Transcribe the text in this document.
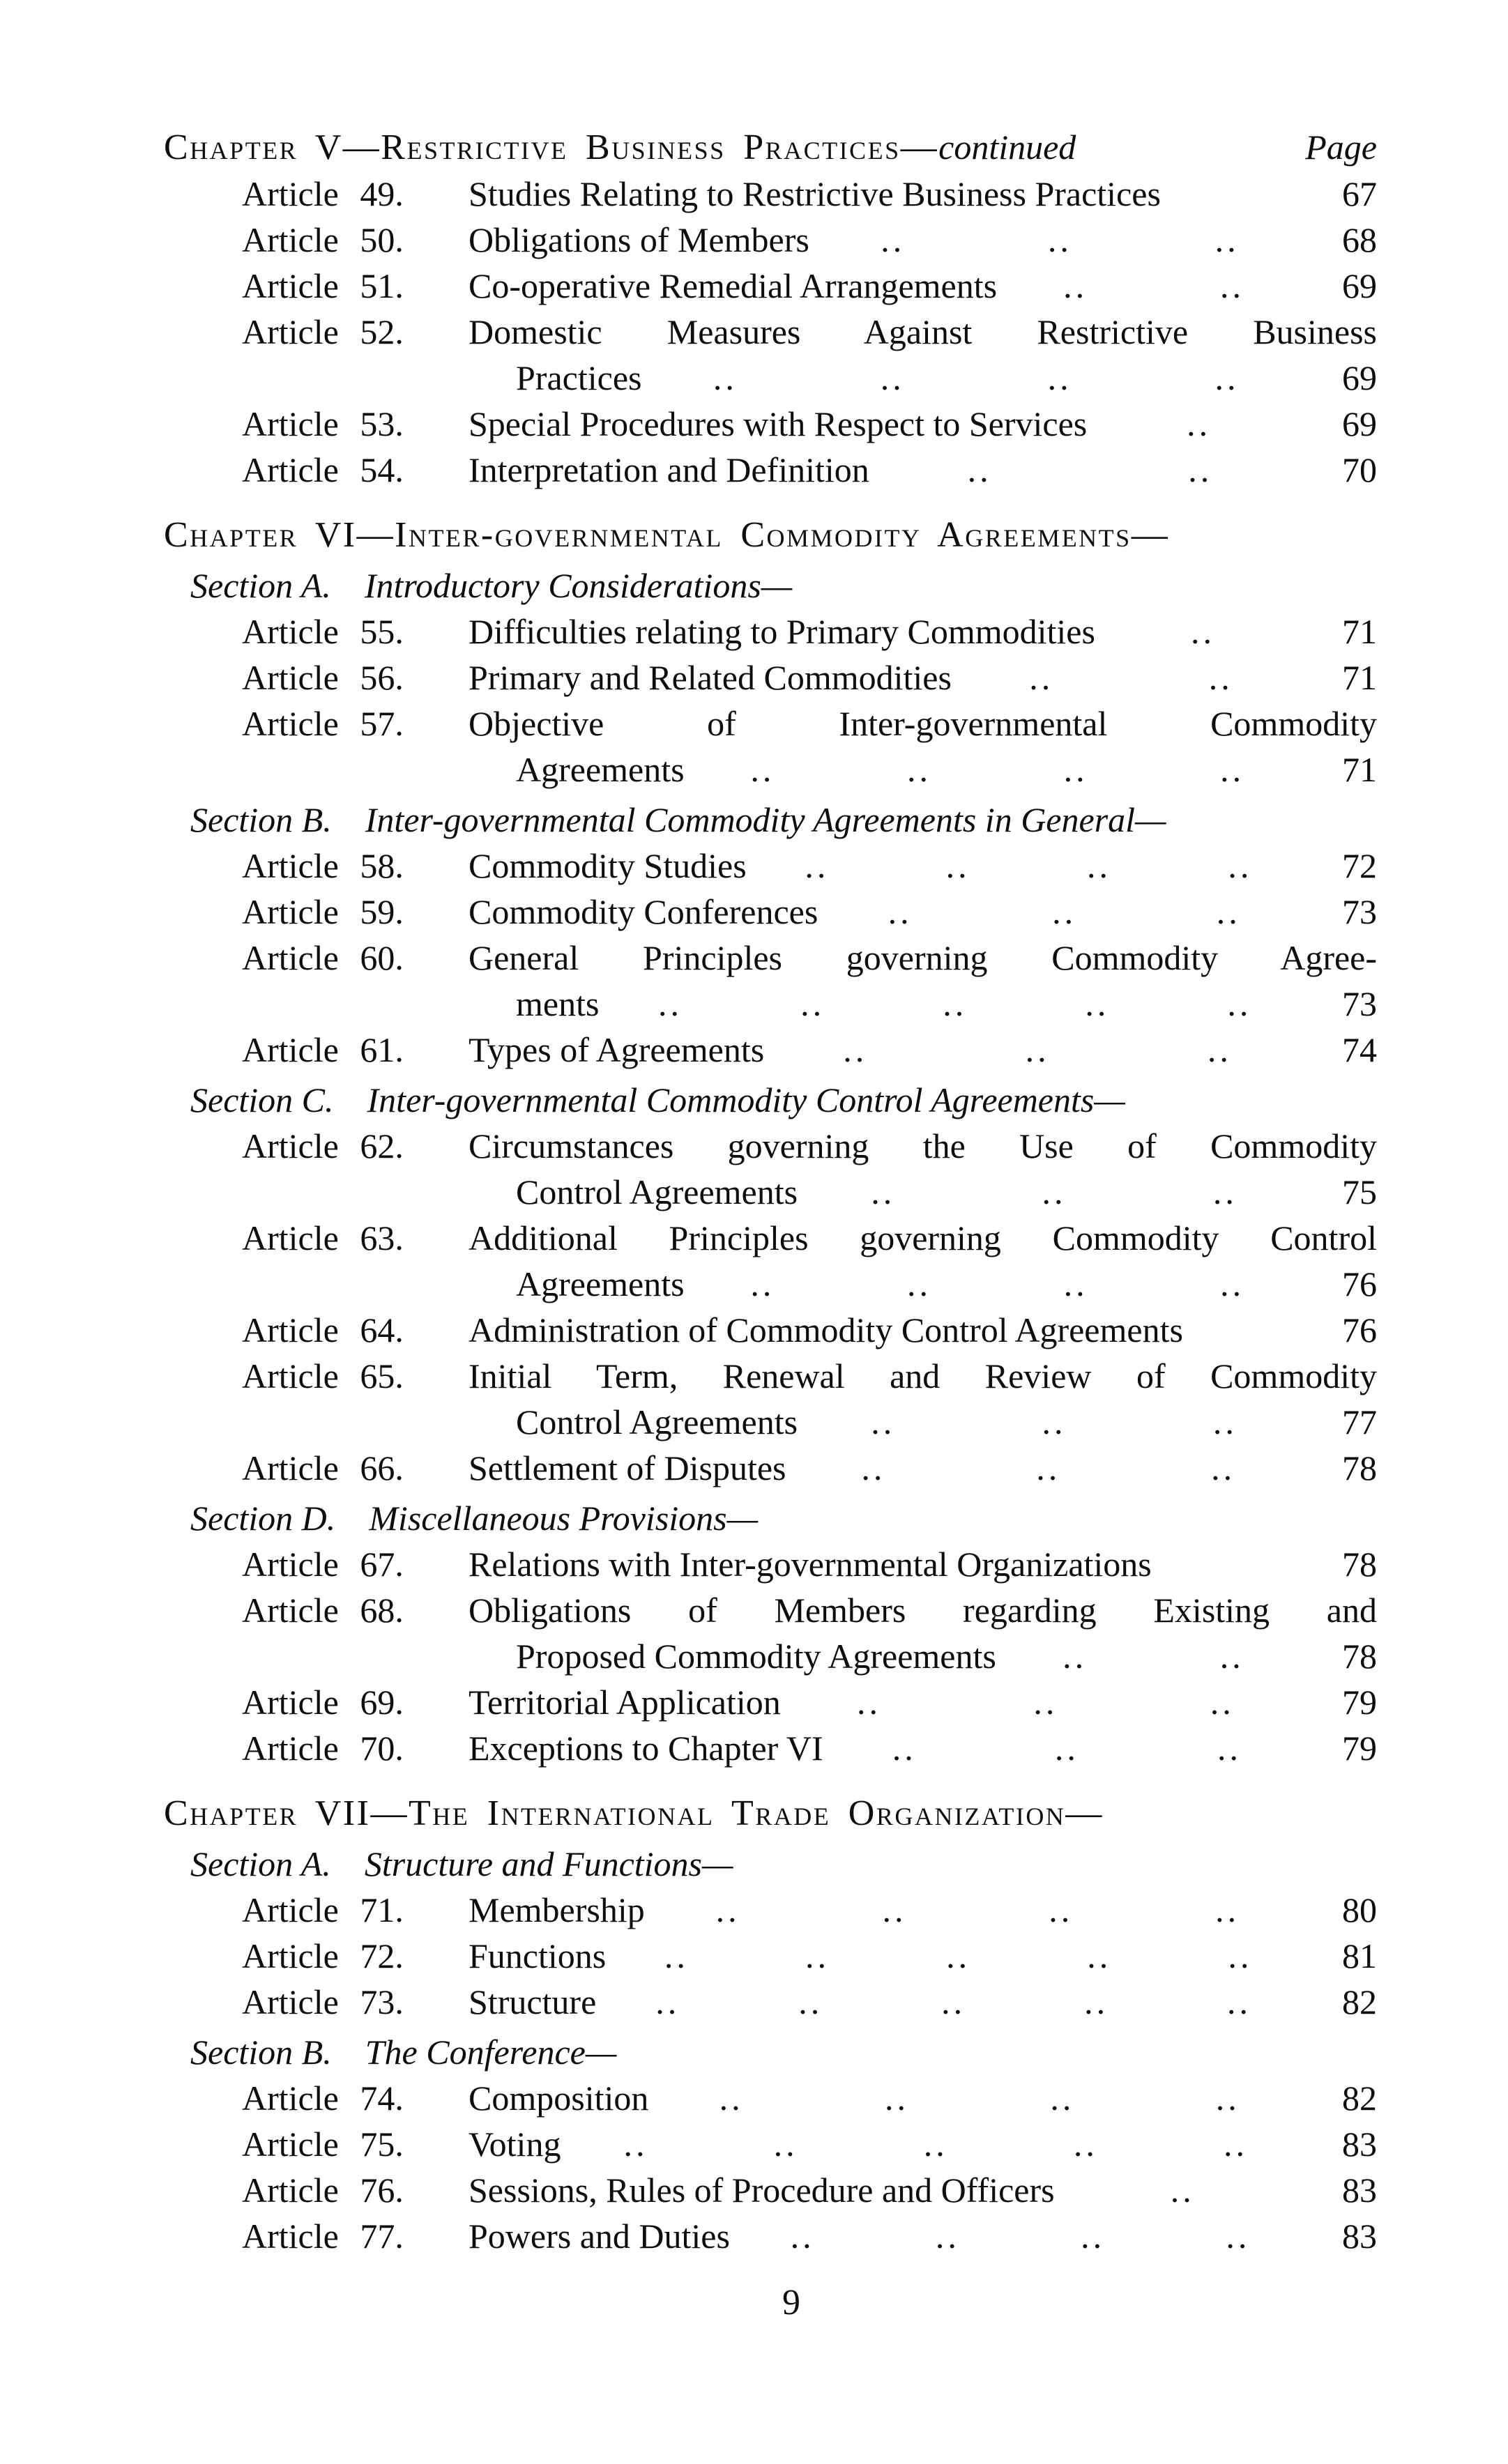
Chapter V—Restrictive Business Practices— continued	Page
Article 49.	Studies Relating to Restrictive Business Practices	67
Article 50.	Obligations of Members ..	..	..	68
Article 51.	Co-operative Remedial Arrangements ..	..	69
Article 52.	Domestic Measures Against Restrictive Business
Practices ..	..	..	..	69
Article 53.	Special Procedures with Respect to Services	..	69
Article 54.	Interpretation and Definition	..	..	70
Chapter VI—Inter-governmental Commodity Agreements—
Section A. Introductory Considerations—
Article 55.	Difficulties relating to Primary Commodities	..	71
Article 56.	Primary and Related Commodities ..	..	71
Article 57.	Objective of Inter-governmental Commodity
Agreements ..	..	..	..	71
Section B. Inter-governmental Commodity Agreements in General—
Article 58.	Commodity Studies ..	..	..	..	72
Article 59.	Commodity Conferences ..	..	..	73
Article 60.	General Principles governing Commodity Agree-
ments ..	..	..	..	..	73
Article 61.	Types of Agreements ..	..	..	74
Section C. Inter-governmental Commodity Control Agreements—
Article 62.	Circumstances governing the Use of Commodity
Control Agreements ..	..	..	75
Article 63.	Additional Principles governing Commodity Control
Agreements ..	..	..	..	76
Article 64.	Administration of Commodity Control Agreements	76
Article 65.	Initial Term, Renewal and Review of Commodity
Control Agreements ..	..	..	77
Article 66.	Settlement of Disputes ..	..	..	78
Section D. Miscellaneous Provisions—
Article 67.	Relations with Inter-governmental Organizations	78
Article 68.	Obligations of Members regarding Existing and
Proposed Commodity Agreements ..	..	78
Article 69.	Territorial Application ..	..	..	79
Article 70.	Exceptions to Chapter VI ..	..	..	79
Chapter VII—The International Trade Organization—
Section A. Structure and Functions—
Article 71.	Membership ..	..	..	..	80
Article 72.	Functions ..	..	..	..	..	81
Article 73.	Structure ..	..	..	..	..	82
Section B. The Conference—
Article 74.	Composition ..	..	..	..	82
Article 75.	Voting ..	..	..	..	..	83
Article 76.	Sessions, Rules of Procedure and Officers	..	83
Article 77.	Powers and Duties ..	..	..	..	83
9
